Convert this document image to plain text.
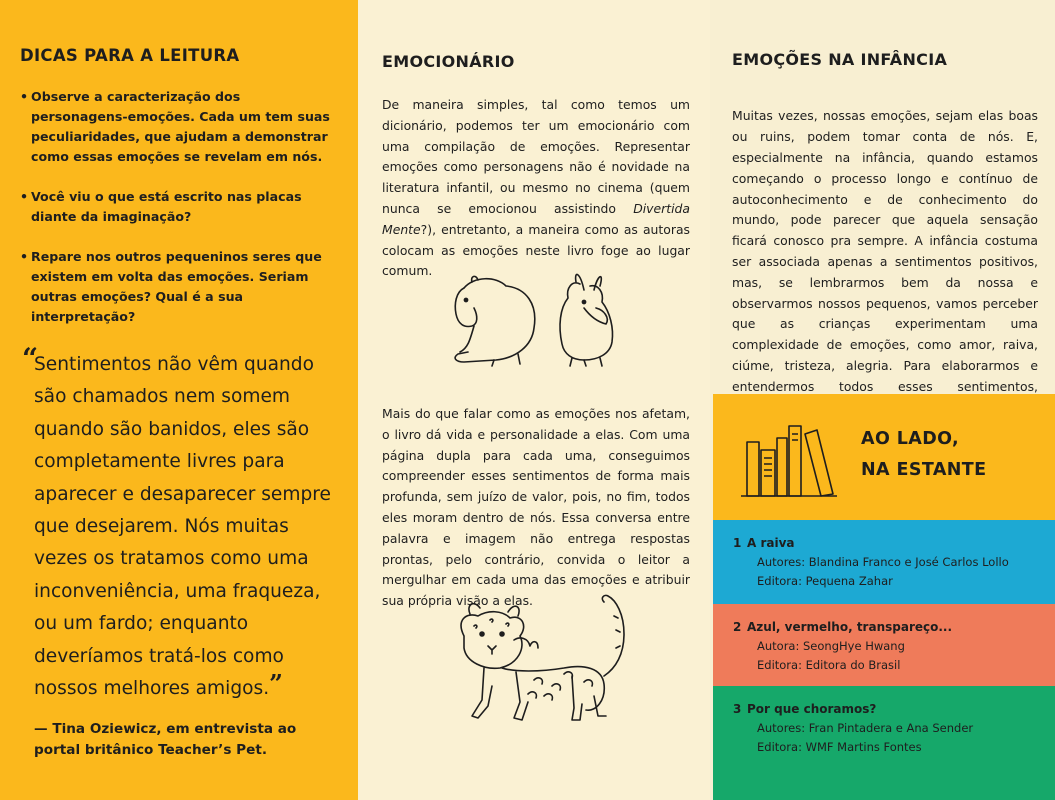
DICAS PARA A LEITURA
• Observe a caracterização dos personagens-emoções. Cada um tem suas peculiaridades, que ajudam a demonstrar como essas emoções se revelam em nós.
• Você viu o que está escrito nas placas diante da imaginação?
• Repare nos outros pequeninos seres que existem em volta das emoções. Seriam outras emoções? Qual é a sua interpretação?
“
Sentimentos não vêm quando são chamados nem somem quando são banidos, eles são completamente livres para aparecer e desaparecer sempre que desejarem. Nós muitas vezes os tratamos como uma inconveniência, uma fraqueza, ou um fardo; enquanto deveríamos tratá-los como nossos melhores amigos.”
— Tina Oziewicz, em entrevista ao portal britânico Teacher’s Pet.
EMOCIONÁRIO

De maneira simples, tal como temos um dicionário, podemos ter um emocionário com uma compilação de emoções. Representar emoções como personagens não é novidade na literatura infantil, ou mesmo no cinema (quem nunca se emocionou assistindo Divertida Mente?), entretanto, a maneira como as autoras colocam as emoções neste livro foge ao lugar comum.

Mais do que falar como as emoções nos afetam, o livro dá vida e personalidade a elas. Com uma página dupla para cada uma, conseguimos compreender esses sentimentos de forma mais profunda, sem juízo de valor, pois, no fim, todos eles moram dentro de nós. Essa conversa entre palavra e imagem não entrega respostas prontas, pelo contrário, convida o leitor a mergulhar em cada uma das emoções e atribuir sua própria visão a elas.

EMOÇÕES NA INFÂNCIA

Muitas vezes, nossas emoções, sejam elas boas ou ruins, podem tomar conta de nós. E, especialmente na infância, quando estamos começando o processo longo e contínuo de autoconhecimento e de conhecimento do mundo, pode parecer que aquela sensação ficará conosco pra sempre. A infância costuma ser associada apenas a sentimentos positivos, mas, se lembrarmos bem da nossa e observarmos nossos pequenos, vamos perceber que as crianças experimentam uma complexidade de emoções, como amor, raiva, ciúme, tristeza, alegria. Para elaborarmos e entendermos todos esses sentimentos,

AO LADO,
NA ESTANTE
1 A raiva
Autores: Blandina Franco e José Carlos Lollo
Editora: Pequena Zahar
2 Azul, vermelho, transpareço...
Autora: SeongHye Hwang
Editora: Editora do Brasil
3 Por que choramos?
Autores: Fran Pintadera e Ana Sender
Editora: WMF Martins Fontes
